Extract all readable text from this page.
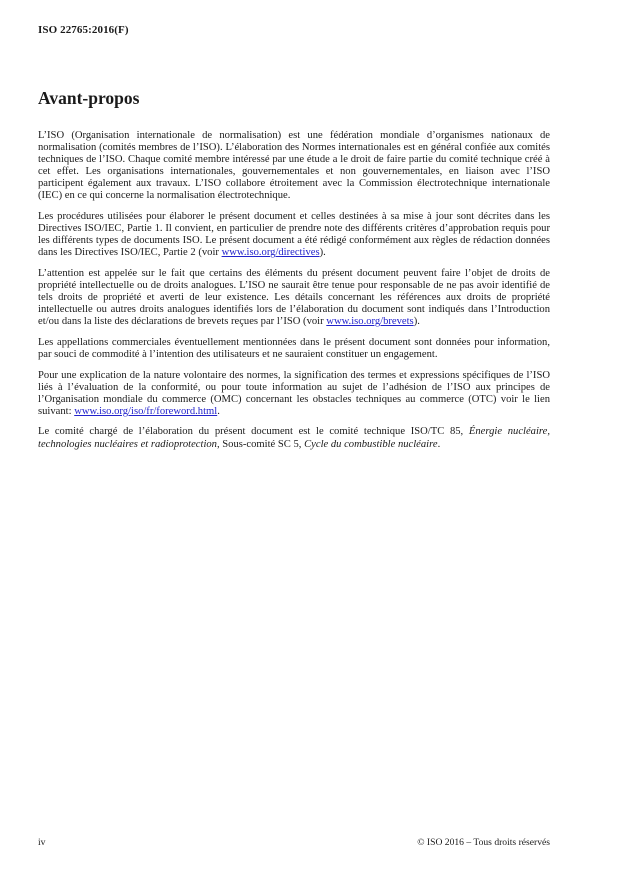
ISO 22765:2016(F)
Avant-propos

L’ISO (Organisation internationale de normalisation) est une fédération mondiale d’organismes nationaux de normalisation (comités membres de l’ISO). L’élaboration des Normes internationales est en général confiée aux comités techniques de l’ISO. Chaque comité membre intéressé par une étude a le droit de faire partie du comité technique créé à cet effet. Les organisations internationales, gouvernementales et non gouvernementales, en liaison avec l’ISO participent également aux travaux. L’ISO collabore étroitement avec la Commission électrotechnique internationale (IEC) en ce qui concerne la normalisation électrotechnique.

Les procédures utilisées pour élaborer le présent document et celles destinées à sa mise à jour sont décrites dans les Directives ISO/IEC, Partie 1. Il convient, en particulier de prendre note des différents critères d’approbation requis pour les différents types de documents ISO. Le présent document a été rédigé conformément aux règles de rédaction données dans les Directives ISO/IEC, Partie 2 (voir www.iso.org/directives).

L’attention est appelée sur le fait que certains des éléments du présent document peuvent faire l’objet de droits de propriété intellectuelle ou de droits analogues. L’ISO ne saurait être tenue pour responsable de ne pas avoir identifié de tels droits de propriété et averti de leur existence. Les détails concernant les références aux droits de propriété intellectuelle ou autres droits analogues identifiés lors de l’élaboration du document sont indiqués dans l’Introduction et/ou dans la liste des déclarations de brevets reçues par l’ISO (voir www.iso.org/brevets).

Les appellations commerciales éventuellement mentionnées dans le présent document sont données pour information, par souci de commodité à l’intention des utilisateurs et ne sauraient constituer un engagement.

Pour une explication de la nature volontaire des normes, la signification des termes et expressions spécifiques de l’ISO liés à l’évaluation de la conformité, ou pour toute information au sujet de l’adhésion de l’ISO aux principes de l’Organisation mondiale du commerce (OMC) concernant les obstacles techniques au commerce (OTC) voir le lien suivant: www.iso.org/iso/fr/foreword.html.

Le comité chargé de l’élaboration du présent document est le comité technique ISO/TC 85, Énergie nucléaire, technologies nucléaires et radioprotection, Sous-comité SC 5, Cycle du combustible nucléaire.

iv	© ISO 2016 – Tous droits réservés
